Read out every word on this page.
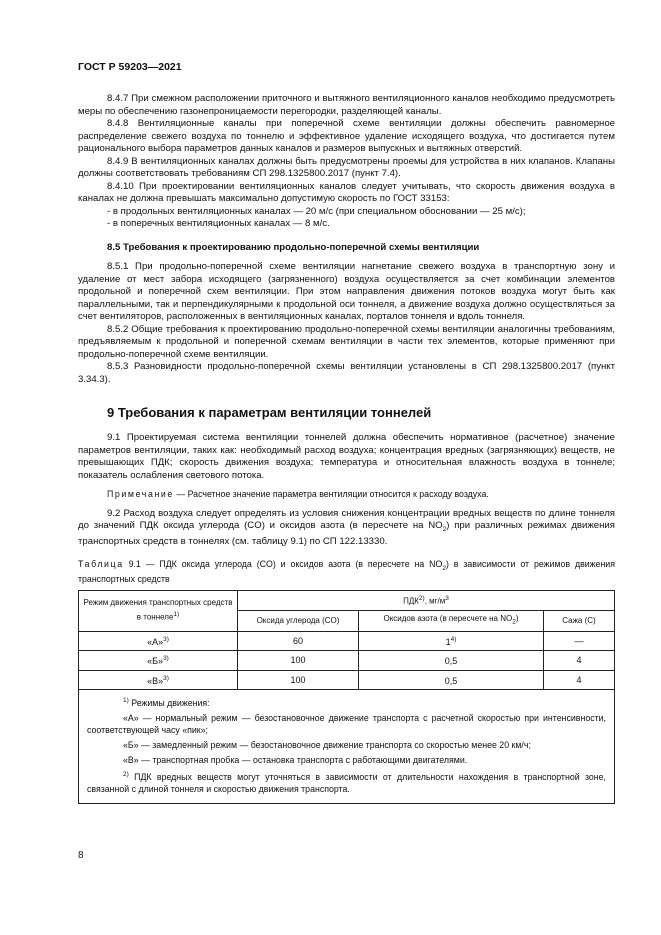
ГОСТ Р 59203—2021

8.4.7 При смежном расположении приточного и вытяжного вентиляционного каналов необходимо предусмотреть меры по обеспечению газонепроницаемости перегородки, разделяющей каналы.

8.4.8 Вентиляционные каналы при поперечной схеме вентиляции должны обеспечить равномерное распределение свежего воздуха по тоннелю и эффективное удаление исходящего воздуха, что достигается путем рационального выбора параметров данных каналов и размеров выпускных и вытяжных отверстий.

8.4.9 В вентиляционных каналах должны быть предусмотрены проемы для устройства в них клапанов. Клапаны должны соответствовать требованиям СП 298.1325800.2017 (пункт 7.4).

8.4.10 При проектировании вентиляционных каналов следует учитывать, что скорость движения воздуха в каналах не должна превышать максимально допустимую скорость по ГОСТ 33153:

- в продольных вентиляционных каналах — 20 м/с (при специальном обосновании — 25 м/с);

- в поперечных вентиляционных каналах — 8 м/с.

8.5 Требования к проектированию продольно-поперечной схемы вентиляции

8.5.1 При продольно-поперечной схеме вентиляции нагнетание свежего воздуха в транспортную зону и удаление от мест забора исходящего (загрязненного) воздуха осуществляется за счет комбинации элементов продольной и поперечной схем вентиляции. При этом направления движения потоков воздуха могут быть как параллельными, так и перпендикулярными к продольной оси тоннеля, а движение воздуха должно осуществляться за счет вентиляторов, расположенных в вентиляционных каналах, порталов тоннеля и вдоль тоннеля.

8.5.2 Общие требования к проектированию продольно-поперечной схемы вентиляции аналогичны требованиям, предъявляемым к продольной и поперечной схемам вентиляции в части тех элементов, которые применяют при продольно-поперечной схеме вентиляции.

8.5.3 Разновидности продольно-поперечной схемы вентиляции установлены в СП 298.1325800.2017 (пункт 3.34.3).

9 Требования к параметрам вентиляции тоннелей

9.1 Проектируемая система вентиляции тоннелей должна обеспечить нормативное (расчетное) значение параметров вентиляции, таких как: необходимый расход воздуха; концентрация вредных (загрязняющих) веществ, не превышающих ПДК; скорость движения воздуха; температура и относительная влажность воздуха в тоннеле; показатель ослабления светового потока.

Примечание — Расчетное значение параметра вентиляции относится к расходу воздуха.

9.2 Расход воздуха следует определять из условия снижения концентрации вредных веществ по длине тоннеля до значений ПДК оксида углерода (CO) и оксидов азота (в пересчете на $NO_2$) при различных режимах движения транспортных средств в тоннелях (см. таблицу 9.1) по СП 122.13330.

Таблица 9.1 — ПДК оксида углерода (CO) и оксидов азота (в пересчете на $NO_2$) в зависимости от режимов движения транспортных средств

Режим движения транспортных средств в тоннеле$^{1)}$	ПДК$^{2)}$, $мг/м^3$
	Оксида углерода (CO)	Оксидов азота (в пересчете на $NO_2$)	Сажа (C)
«А»$^{3)}$	60	1$^{4)}$	—
«Б»$^{3)}$	100	0,5	4
«В»$^{3)}$	100	0,5	4

$^{1)}$ Режимы движения:

«А» — нормальный режим — безостановочное движение транспорта с расчетной скоростью при интенсивности, соответствующей часу «пик»;

«Б» — замедленный режим — безостановочное движение транспорта со скоростью менее 20 км/ч;

«В» — транспортная пробка — остановка транспорта с работающими двигателями.

$^{2)}$ ПДК вредных веществ могут уточняться в зависимости от длительности нахождения в транспортной зоне, связанной с длиной тоннеля и скоростью движения транспорта.			

8
